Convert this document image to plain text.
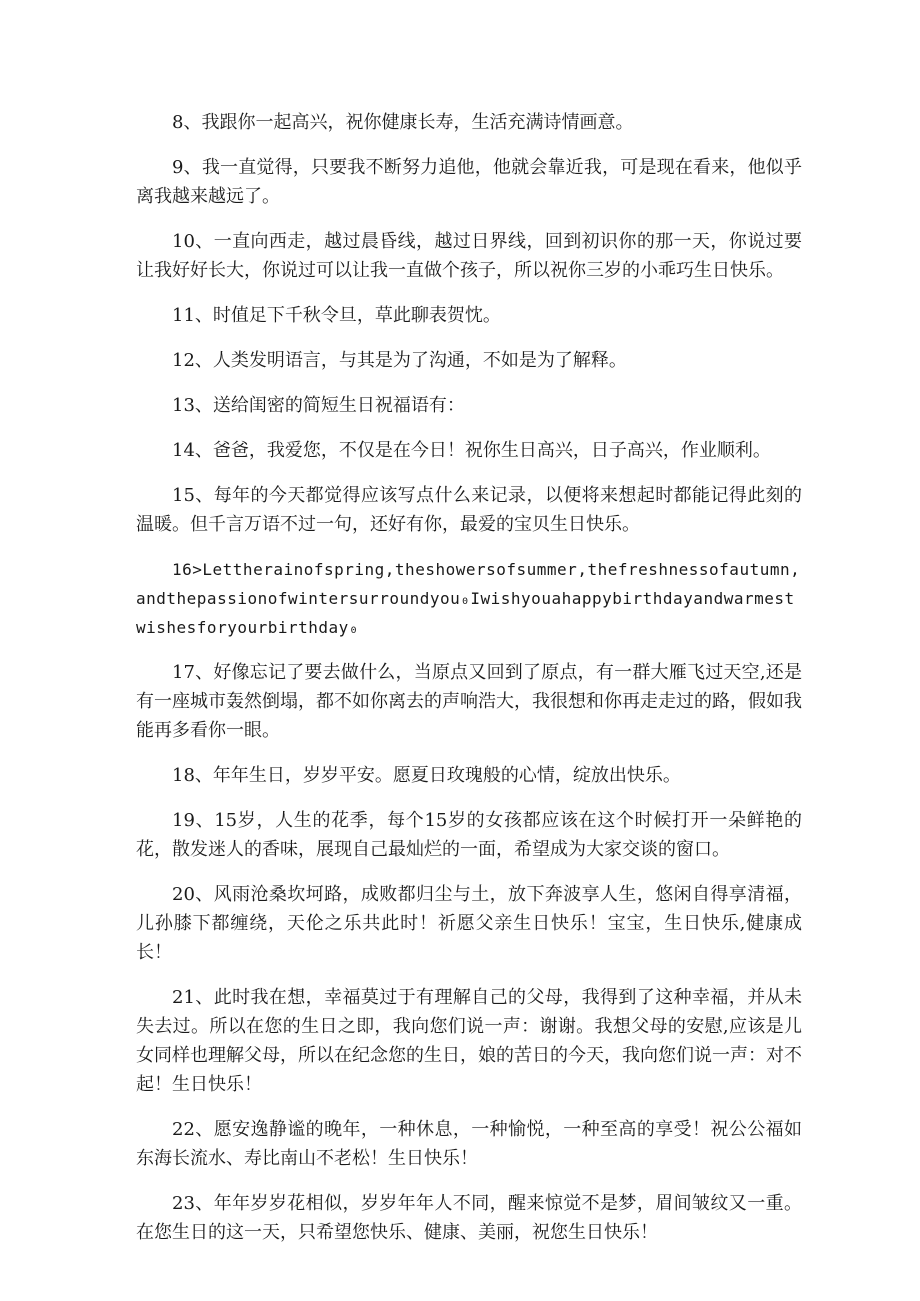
8、我跟你一起高兴，祝你健康长寿，生活充满诗情画意。

9、我一直觉得，只要我不断努力追他，他就会靠近我，可是现在看来，他似乎离我越来越远了。

10、一直向西走，越过晨昏线，越过日界线，回到初识你的那一天，你说过要让我好好长大，你说过可以让我一直做个孩子，所以祝你三岁的小乖巧生日快乐。

11、时值足下千秋令旦，草此聊表贺忱。

12、人类发明语言，与其是为了沟通，不如是为了解释。

13、送给闺密的简短生日祝福语有：

14、爸爸，我爱您，不仅是在今日！祝你生日高兴，日子高兴，作业顺利。

15、每年的今天都觉得应该写点什么来记录，以便将来想起时都能记得此刻的温暖。但千言万语不过一句，还好有你，最爱的宝贝生日快乐。

16>Lettherainofspring,theshowersofsummer,thefreshnessofautumn,andthepassionofwintersurroundyou₀Iwishyouahappybirthdayandwarmestwishesforyourbirthday₀

17、好像忘记了要去做什么，当原点又回到了原点，有一群大雁飞过天空,还是有一座城市轰然倒塌，都不如你离去的声响浩大，我很想和你再走走过的路，假如我能再多看你一眼。

18、年年生日，岁岁平安。愿夏日玫瑰般的心情，绽放出快乐。

19、15岁，人生的花季，每个15岁的女孩都应该在这个时候打开一朵鲜艳的花，散发迷人的香味，展现自己最灿烂的一面，希望成为大家交谈的窗口。

20、风雨沧桑坎坷路，成败都归尘与土，放下奔波享人生，悠闲自得享清福，儿孙膝下都缠绕，天伦之乐共此时！祈愿父亲生日快乐！宝宝，生日快乐,健康成长！

21、此时我在想，幸福莫过于有理解自己的父母，我得到了这种幸福，并从未失去过。所以在您的生日之即，我向您们说一声：谢谢。我想父母的安慰,应该是儿女同样也理解父母，所以在纪念您的生日，娘的苦日的今天，我向您们说一声：对不起！生日快乐！

22、愿安逸静谧的晚年，一种休息，一种愉悦，一种至高的享受！祝公公福如东海长流水、寿比南山不老松！生日快乐！

23、年年岁岁花相似，岁岁年年人不同，醒来惊觉不是梦，眉间皱纹又一重。在您生日的这一天，只希望您快乐、健康、美丽，祝您生日快乐！
